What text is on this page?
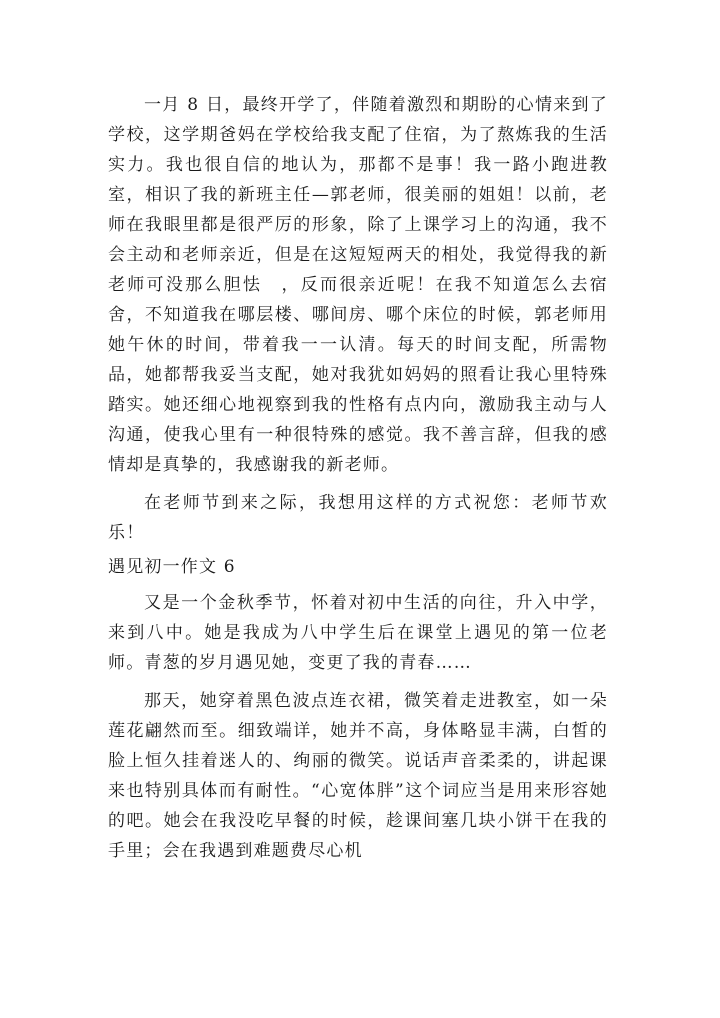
一月 8 日，最终开学了，伴随着激烈和期盼的心情来到了学校，这学期爸妈在学校给我支配了住宿，为了熬炼我的生活实力。我也很自信的地认为，那都不是事！我一路小跑进教室，相识了我的新班主任—郭老师，很美丽的姐姐！以前，老师在我眼里都是很严厉的形象，除了上课学习上的沟通，我不会主动和老师亲近，但是在这短短两天的相处，我觉得我的新老师可没那么胆怯　，反而很亲近呢！在我不知道怎么去宿舍，不知道我在哪层楼、哪间房、哪个床位的时候，郭老师用她午休的时间，带着我一一认清。每天的时间支配，所需物品，她都帮我妥当支配，她对我犹如妈妈的照看让我心里特殊踏实。她还细心地视察到我的性格有点内向，激励我主动与人沟通，使我心里有一种很特殊的感觉。我不善言辞，但我的感情却是真挚的，我感谢我的新老师。

在老师节到来之际，我想用这样的方式祝您：老师节欢乐！

遇见初一作文 6

又是一个金秋季节，怀着对初中生活的向往，升入中学，来到八中。她是我成为八中学生后在课堂上遇见的第一位老师。青葱的岁月遇见她，变更了我的青春……

那天，她穿着黑色波点连衣裙，微笑着走进教室，如一朵莲花翩然而至。细致端详，她并不高，身体略显丰满，白皙的脸上恒久挂着迷人的、绚丽的微笑。说话声音柔柔的，讲起课来也特别具体而有耐性。“心宽体胖”这个词应当是用来形容她的吧。她会在我没吃早餐的时候，趁课间塞几块小饼干在我的手里；会在我遇到难题费尽心机
